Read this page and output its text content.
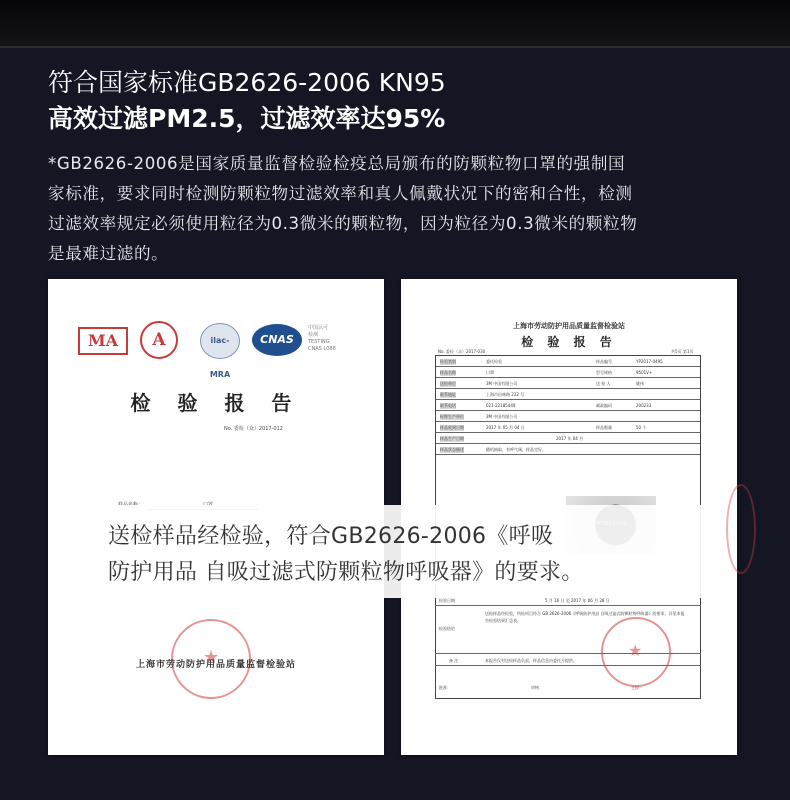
符合国家标准GB2626-2006 KN95
高效过滤PM2.5，过滤效率达95%
*GB2626-2006是国家质量监督检验检疫总局颁布的防颗粒物口罩的强制国
家标准，要求同时检测防颗粒物过滤效率和真人佩戴状况下的密和合性，检测
过滤效率规定必须使用粒径为0.3微米的颗粒物，因为粒径为0.3微米的颗粒物
是最难过滤的。
MA	A	ilac-MRA
CNAS
中国认可
检测
TESTING
CNAS L088
检 验 报 告
No. 委检（众）2017-012
★
上海市劳动防护用品质量监督检验站
上海市劳动防护用品质量监督检验站
检 验 报 告
No. 委检（众）2017-030	共5页 第1页
检验类别	委托检验	样品编号	YP2017-0495
样品名称	口罩	型号规格	9501V+
送检单位	3M 中国有限公司	送 检 人	姚伟
联系地址	上海市田林路 222 号
联系电话	021-22185449	邮政编码	200233
标称生产单位	3M 中国有限公司
样品收到日期	2017 年 05 月 04 日	样品数量	50 个
样品生产日期	2017 年 04 月
样品状态描述	随机抽取，有呼气阀，样品完好。
检验日期	5 月 16 日 至 2017 年 06 月 28 日
检验结论
送检样品经检验，所检项目符合 GB 2626-2006《呼吸防护用品 自吸过滤式防颗粒物呼吸器》的要求，详见本报告检验结果汇总表。
备 注	本报告仅对送检样品负责，样品信息由委托方提供。
批准：	审核：	主检：
★
送检样品经检验，符合GB2626-2006《呼吸
防护用品 自吸过滤式防颗粒物呼吸器》的要求。
